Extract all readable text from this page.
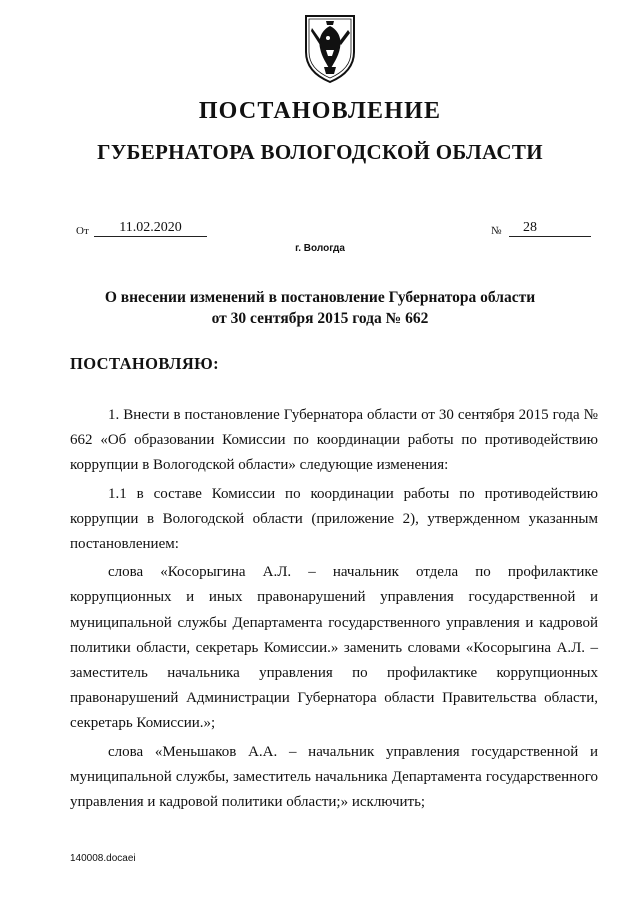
ПОСТАНОВЛЕНИЕ
ГУБЕРНАТОРА ВОЛОГОДСКОЙ ОБЛАСТИ
От	11.02.2020	№	28
г. Вологда
О внесении изменений в постановление Губернатора области
от 30 сентября 2015 года № 662
ПОСТАНОВЛЯЮ:

1. Внести в постановление Губернатора области от 30 сентября 2015 года № 662 «Об образовании Комиссии по координации работы по противодействию коррупции в Вологодской области» следующие изменения:

1.1 в составе Комиссии по координации работы по противодействию коррупции в Вологодской области (приложение 2), утвержденном указанным постановлением:

слова «Косорыгина А.Л. – начальник отдела по профилактике коррупционных и иных правонарушений управления государственной и муниципальной службы Департамента государственного управления и кадровой политики области, секретарь Комиссии.» заменить словами «Косорыгина А.Л. – заместитель начальника управления по профилактике коррупционных правонарушений Администрации Губернатора области Правительства области, секретарь Комиссии.»;

слова «Меньшаков А.А. – начальник управления государственной и муниципальной службы, заместитель начальника Департамента государственного управления и кадровой политики области;» исключить;

140008.docaei
